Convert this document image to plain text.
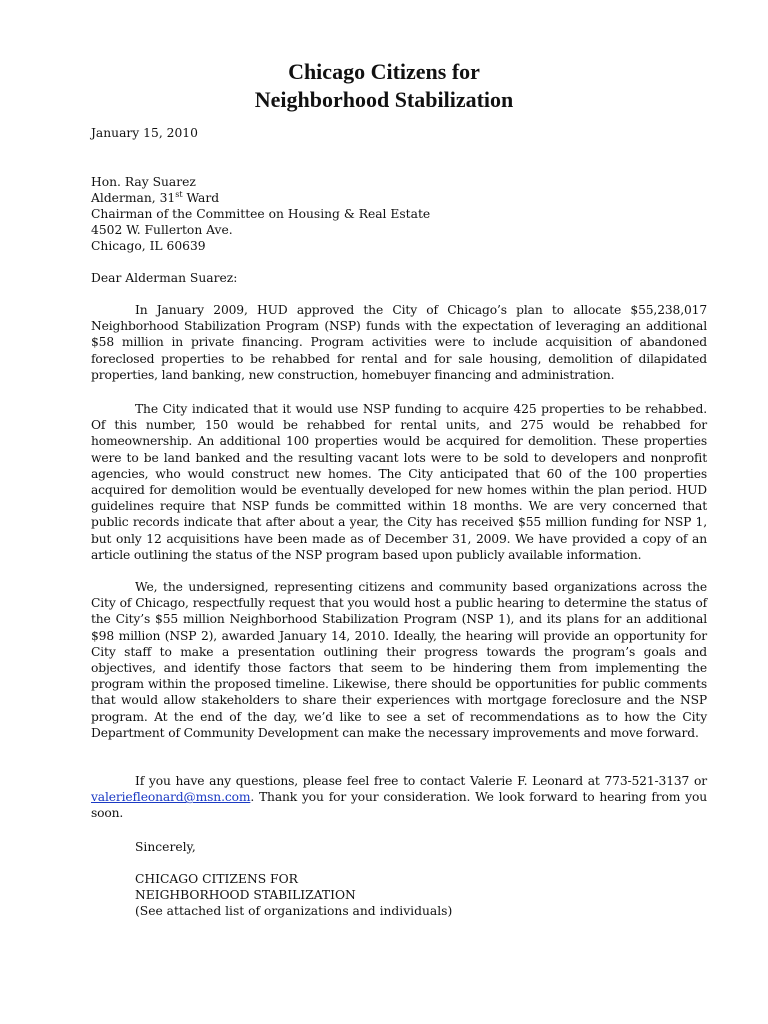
Chicago Citizens for
Neighborhood Stabilization
January 15, 2010
Hon. Ray Suarez
Alderman, 31st Ward
Chairman of the Committee on Housing & Real Estate
4502 W. Fullerton Ave.
Chicago, IL 60639
Dear Alderman Suarez:
In January 2009, HUD approved the City of Chicago’s plan to allocate $55,238,017 Neighborhood Stabilization Program (NSP) funds with the expectation of leveraging an additional $58 million in private financing. Program activities were to include acquisition of abandoned foreclosed properties to be rehabbed for rental and for sale housing, demolition of dilapidated properties, land banking, new construction, homebuyer financing and administration.
The City indicated that it would use NSP funding to acquire 425 properties to be rehabbed. Of this number, 150 would be rehabbed for rental units, and 275 would be rehabbed for homeownership. An additional 100 properties would be acquired for demolition. These properties were to be land banked and the resulting vacant lots were to be sold to developers and nonprofit agencies, who would construct new homes. The City anticipated that 60 of the 100 properties acquired for demolition would be eventually developed for new homes within the plan period. HUD guidelines require that NSP funds be committed within 18 months. We are very concerned that public records indicate that after about a year, the City has received $55 million funding for NSP 1, but only 12 acquisitions have been made as of December 31, 2009. We have provided a copy of an article outlining the status of the NSP program based upon publicly available information.
We, the undersigned, representing citizens and community based organizations across the City of Chicago, respectfully request that you would host a public hearing to determine the status of the City’s $55 million Neighborhood Stabilization Program (NSP 1), and its plans for an additional $98 million (NSP 2), awarded January 14, 2010. Ideally, the hearing will provide an opportunity for City staff to make a presentation outlining their progress towards the program’s goals and objectives, and identify those factors that seem to be hindering them from implementing the program within the proposed timeline. Likewise, there should be opportunities for public comments that would allow stakeholders to share their experiences with mortgage foreclosure and the NSP program. At the end of the day, we’d like to see a set of recommendations as to how the City Department of Community Development can make the necessary improvements and move forward.
If you have any questions, please feel free to contact Valerie F. Leonard at 773-521-3137 or valeriefleonard@msn.com. Thank you for your consideration. We look forward to hearing from you soon.
Sincerely,
CHICAGO CITIZENS FOR
NEIGHBORHOOD STABILIZATION
(See attached list of organizations and individuals)
